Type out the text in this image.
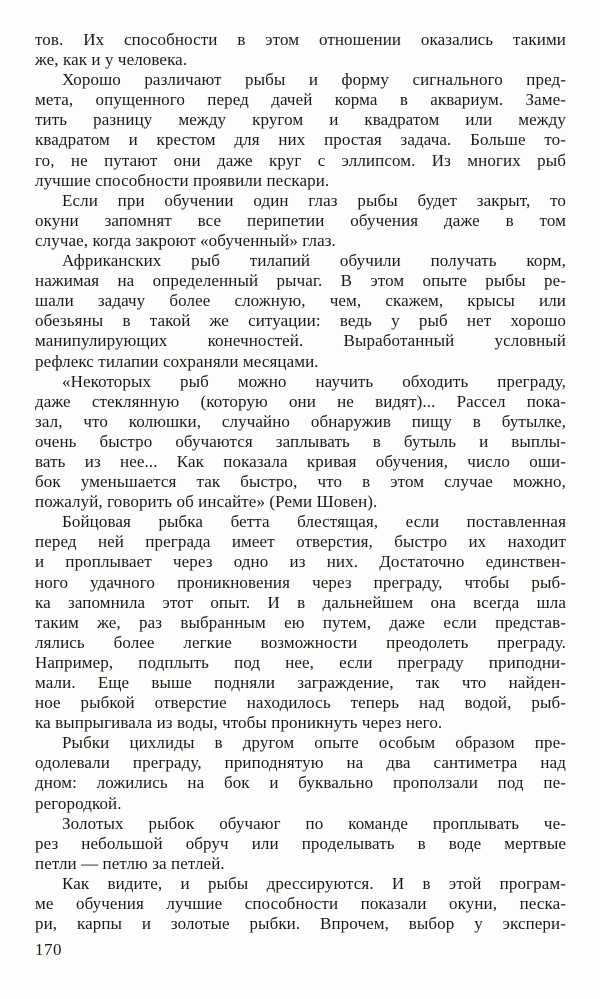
тов. Их способности в этом отношении оказались такими
же, как и у человека.
Хорошо различают рыбы и форму сигнального пред-
мета, опущенного перед дачей корма в аквариум. Заме-
тить разницу между кругом и квадратом или между
квадратом и крестом для них простая задача. Больше то-
го, не путают они даже круг с эллипсом. Из многих рыб
лучшие способности проявили пескари.
Если при обучении один глаз рыбы будет закрыт, то
окуни запомнят все перипетии обучения даже в том
случае, когда закроют «обученный» глаз.
Африканских рыб тилапий обучили получать корм,
нажимая на определенный рычаг. В этом опыте рыбы ре-
шали задачу более сложную, чем, скажем, крысы или
обезьяны в такой же ситуации: ведь у рыб нет хорошо
манипулирующих конечностей. Выработанный условный
рефлекс тилапии сохраняли месяцами.
«Некоторых рыб можно научить обходить преграду,
даже стеклянную (которую они не видят)... Рассел пока-
зал, что колюшки, случайно обнаружив пищу в бутылке,
очень быстро обучаются заплывать в бутыль и выплы-
вать из нее... Как показала кривая обучения, число оши-
бок уменьшается так быстро, что в этом случае можно,
пожалуй, говорить об инсайте» (Реми Шовен).
Бойцовая рыбка бетта блестящая, если поставленная
перед ней преграда имеет отверстия, быстро их находит
и проплывает через одно из них. Достаточно единствен-
ного удачного проникновения через преграду, чтобы рыб-
ка запомнила этот опыт. И в дальнейшем она всегда шла
таким же, раз выбранным ею путем, даже если представ-
лялись более легкие возможности преодолеть преграду.
Например, подплыть под нее, если преграду приподни-
мали. Еще выше подняли заграждение, так что найден-
ное рыбкой отверстие находилось теперь над водой, рыб-
ка выпрыгивала из воды, чтобы проникнуть через него.
Рыбки цихлиды в другом опыте особым образом пре-
одолевали преграду, приподнятую на два сантиметра над
дном: ложились на бок и буквально проползали под пе-
регородкой.
Золотых рыбок обучаюг по команде проплывать че-
рез небольшой обруч или проделывать в воде мертвые
петли — петлю за петлей.
Как видите, и рыбы дрессируются. И в этой програм-
ме обучения лучшие способности показали окуни, песка-
ри, карпы и золотые рыбки. Впрочем, выбор у экспери-
170
